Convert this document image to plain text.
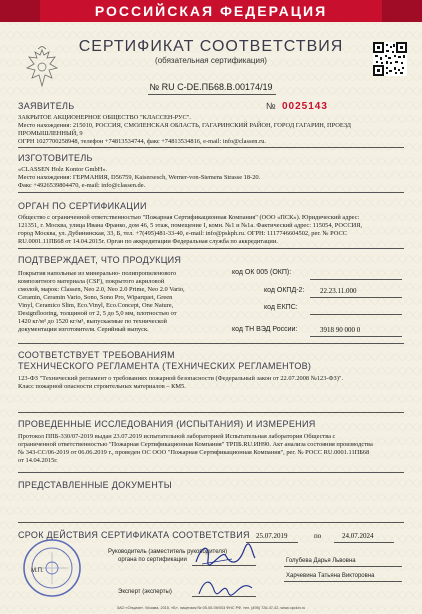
РОССИЙСКАЯ ФЕДЕРАЦИЯ
СЕРТИФИКАТ СООТВЕТСТВИЯ
(обязательная сертификация)
№ RU C-DE.ПБ68.В.00174/19
№ 0025143
ЗАЯВИТЕЛЬ
ЗАКРЫТОЕ АКЦИОНЕРНОЕ ОБЩЕСТВО "КЛАССЕН-РУС".
Место нахождения: 215010, РОССИЯ, СМОЛЕНСКАЯ ОБЛАСТЬ, ГАГАРИНСКИЙ РАЙОН, ГОРОД ГАГАРИН, ПРОЕЗД
ПРОМЫШЛЕННЫЙ, 9
ОГРН 1027700258948, телефон +74813534744, факс +74813534816, e-mail: info@classen.ru.
ИЗГОТОВИТЕЛЬ
«CLASSEN Holz Kontor GmbH».
Место нахождения: ГЕРМАНИЯ, D56759, Kaisersesch, Werner-von-Siemens Strasse 18-20.
Факс +4926539804470, e-mail: info@classen.de.
ОРГАН ПО СЕРТИФИКАЦИИ
Общество с ограниченной ответственностью "Пожарная Сертификационная Компания" (ООО «ПСК»). Юридический адрес:
121351, г. Москва, улица Ивана Франко, дом 46, 5 этаж, помещение I, комн. №1 и №1а. Фактический адрес: 115054, РОССИЯ,
город Москва, ул. Дубининская, 33, Б, тел. +7(495)481-33-40, e-mail: info@pskph.ru. ОГРН: 1117746604502, рег. № РОСС
RU.0001.11ПБ68 от 14.04.2015г. Орган по аккредитации Федеральная служба по аккредитации.
ПОДТВЕРЖДАЕТ, ЧТО ПРОДУКЦИЯ
Покрытия напольные из минерально- полипропиленового
композитного материала (CSF), покрытого акриловой
смолой, марок: Classen, Neo 2.0, Neo 2.0 Prime, Neo 2.0 Vario,
Ceramin, Ceramin Vario, Sono, Sono Pro, Wiparquet, Green
Vinyl, Ceramico Slim, Eco.Vinyl, Eco.Concept, One Nature,
Designflooring, толщиной от 2, 5 до 5,0 мм, плотностью от
1420 кг/м³ до 1520 кг/м³, выпускаемые по технической
документации изготовителя. Серийный выпуск.
код ОК 005 (ОКП):
код ОКПД-2: 22.23.11.000
код ЕКПС:
код ТН ВЭД России:	3918 90 000 0
СООТВЕТСТВУЕТ ТРЕБОВАНИЯМ
ТЕХНИЧЕСКОГО РЕГЛАМЕНТА (ТЕХНИЧЕСКИХ РЕГЛАМЕНТОВ)
123-ФЗ "Технический регламент о требованиях пожарной безопасности (Федеральный закон от 22.07.2008 №123-ФЗ)".
Класс пожарной опасности строительных материалов – КМ5.
ПРОВЕДЕННЫЕ ИССЛЕДОВАНИЯ (ИСПЫТАНИЯ) И ИЗМЕРЕНИЯ
Протокол ППБ-330/07-2019 выдан 23.07.2019 испытательной лабораторией Испытательная лаборатория Общества с
ограниченной ответственностью "Пожарная Сертификационная Компания" ТРПБ.RU.ИН90. Акт анализа состояния производства
№ 343-СС/06-2019 от 06.06.2019 г., проведен ОС ООО "Пожарная Сертификационная Компания", рег. № РОСС RU.0001.11ПБ68
от 14.04.2015г.
ПРЕДСТАВЛЕННЫЕ ДОКУМЕНТЫ
СРОК ДЕЙСТВИЯ СЕРТИФИКАТА СООТВЕТСТВИЯ 25.07.2019	по	24.07.2024
М.П.
Руководитель (заместитель руководителя)
органа по сертификации	Голубева Дарья Львовна
Эксперт (эксперты)
Харчевина Татьяна Викторовна
ЗАО «Опцион», Москва, 2015, «Б», лицензия № 05-05-09/003 ФНС РФ, тел. (495) 726-47-42, www.opcion.ru
